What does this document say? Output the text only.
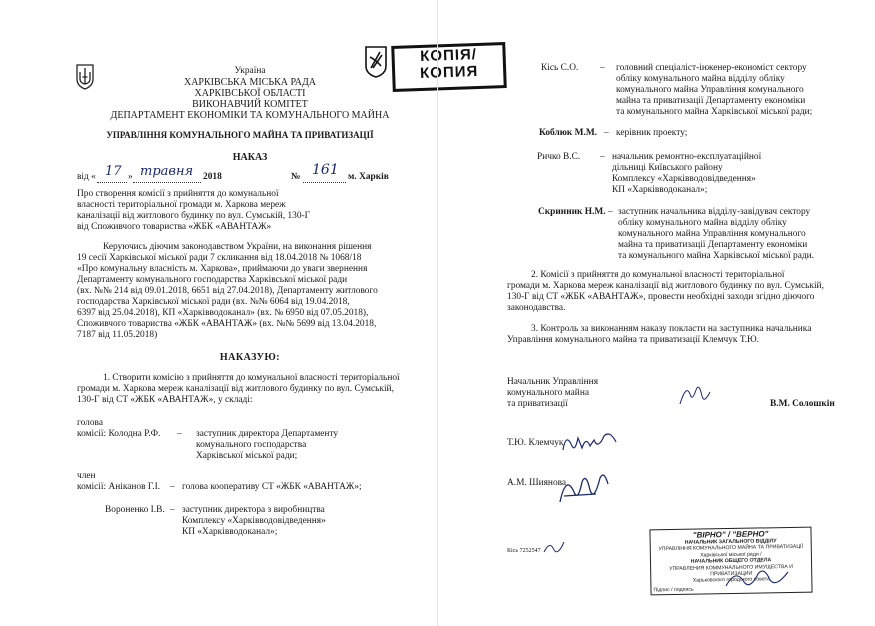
Україна
ХАРКІВСЬКА МІСЬКА РАДА
ХАРКІВСЬКОЇ ОБЛАСТІ
ВИКОНАВЧИЙ КОМІТЕТ
ДЕПАРТАМЕНТ ЕКОНОМІКИ ТА КОМУНАЛЬНОГО МАЙНА
УПРАВЛІННЯ КОМУНАЛЬНОГО МАЙНА ТА ПРИВАТИЗАЦІЇ
НАКАЗ
від « 17 » травня 2018	№ 161 м. Харків
Про створення комісії з прийняття до комунальної
власності територіальної громади м. Харкова мереж
каналізації від житлового будинку по вул. Сумській, 130-Г
від Споживчого товариства «ЖБК «АВАНТАЖ»
Керуючись діючим законодавством України, на виконання рішення
19 сесії Харківської міської ради 7 скликання від 18.04.2018 № 1068/18
«Про комунальну власність м. Харкова», приймаючи до уваги звернення
Департаменту комунального господарства Харківської міської ради
(вх. №№ 214 від 09.01.2018, 6651 від 27.04.2018), Департаменту житлового
господарства Харківської міської ради (вх. №№ 6064 від 19.04.2018,
6397 від 25.04.2018), КП «Харківводоканал» (вх. № 6950 від 07.05.2018),
Споживчого товариства «ЖБК «АВАНТАЖ» (вх. №№ 5699 від 13.04.2018,
7187 від 11.05.2018)
НАКАЗУЮ:
1. Створити комісію з прийняття до комунальної власності територіальної
громади м. Харкова мереж каналізації від житлового будинку по вул. Сумській,
130-Г від СТ «ЖБК «АВАНТАЖ», у складі:
голова
комісії: Колодна Р.Ф. – заступник директора Департаменту
комунального господарства
Харківської міської ради;
член
комісії: Аніканов Г.І. – голова кооперативу СТ «ЖБК «АВАНТАЖ»;
Вороненко І.В. – заступник директора з виробництва
Комплексу «Харківводовідведення»
КП «Харківводоканал»;
КОПІЯ/
КОПИЯ	Кісь С.О. – головний спеціаліст-інженер-економіст сектору
обліку комунального майна відділу обліку
комунального майна Управління комунального
майна та приватизації Департаменту економіки
та комунального майна Харківської міської ради;
Коблюк М.М. – керівник проекту;
Ричко В.С. – начальник ремонтно-експлуатаційної
дільниці Київського району
Комплексу «Харківводовідведення»
КП «Харківводоканал»;
Скринник Н.М. – заступник начальника відділу-завідувач сектору
обліку комунального майна відділу обліку
комунального майна Управління комунального
майна та приватизації Департаменту економіки
та комунального майна Харківської міської ради.
2. Комісії з прийняття до комунальної власності територіальної
громади м. Харкова мереж каналізації від житлового будинку по вул. Сумській,
130-Г від СТ «ЖБК «АВАНТАЖ», провести необхідні заходи згідно діючого
законодавства.
3. Контроль за виконанням наказу покласти на заступника начальника
Управління комунального майна та приватизації Клемчук Т.Ю.
Начальник Управління
комунального майна
та приватизації	В.М. Солошкін
Т.Ю. Клемчук
А.М. Шиянова
Кісь 7252547
"ВІРНО" / "ВЕРНО"
НАЧАЛЬНИК ЗАГАЛЬНОГО ВІДДІЛУ
УПРАВЛІННЯ КОМУНАЛЬНОГО МАЙНА ТА ПРИВАТИЗАЦІЇ
Харківської міської ради /
НАЧАЛЬНИК ОБЩЕГО ОТДЕЛА
УПРАВЛЕНИЯ КОММУНАЛЬНОГО ИМУЩЕСТВА И ПРИВАТИЗАЦИИ
Харьковского городского совета
Підпис / подпись
